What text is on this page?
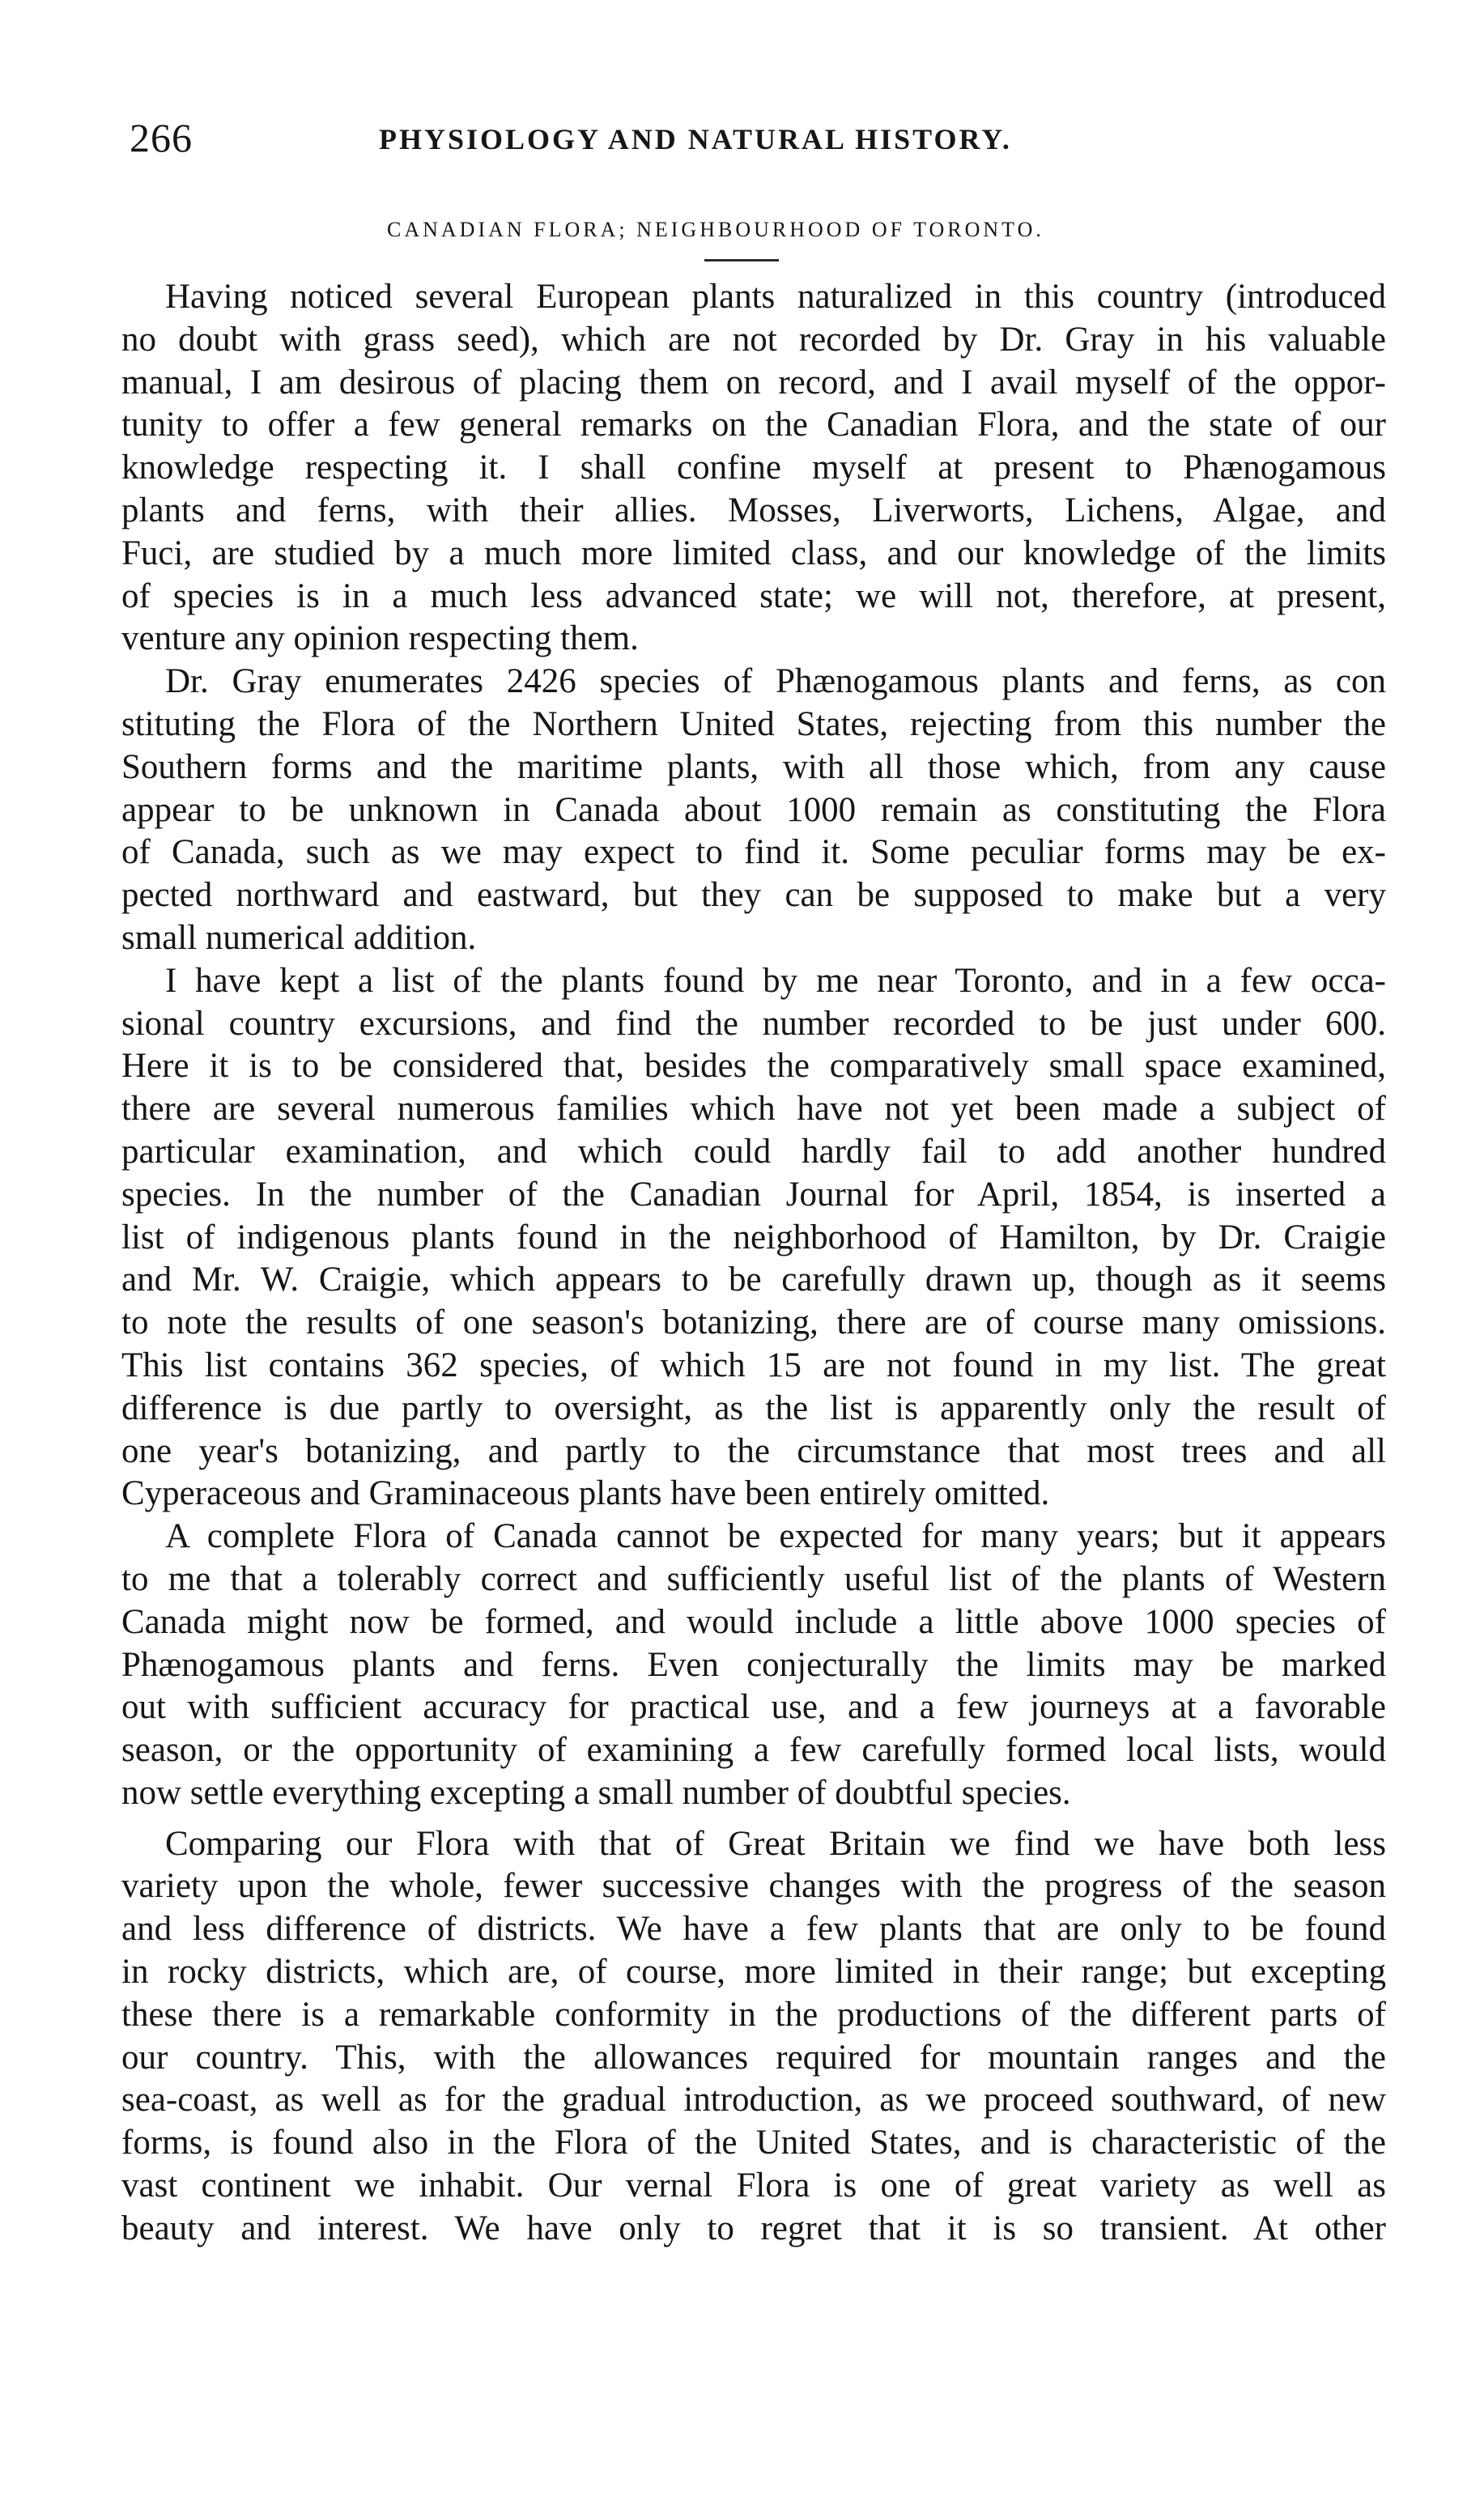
266	PHYSIOLOGY AND NATURAL HISTORY.
CANADIAN FLORA; NEIGHBOURHOOD OF TORONTO.
Having noticed several European plants naturalized in this country (introduced
no doubt with grass seed), which are not recorded by Dr. Gray in his valuable
manual, I am desirous of placing them on record, and I avail myself of the oppor-
tunity to offer a few general remarks on the Canadian Flora, and the state of our
knowledge respecting it. I shall confine myself at present to Phænogamous
plants and ferns, with their allies. Mosses, Liverworts, Lichens, Algae, and
Fuci, are studied by a much more limited class, and our knowledge of the limits
of species is in a much less advanced state; we will not, therefore, at present,
venture any opinion respecting them.
Dr. Gray enumerates 2426 species of Phænogamous plants and ferns, as con
stituting the Flora of the Northern United States, rejecting from this number the
Southern forms and the maritime plants, with all those which, from any cause
appear to be unknown in Canada about 1000 remain as constituting the Flora
of Canada, such as we may expect to find it. Some peculiar forms may be ex-
pected northward and eastward, but they can be supposed to make but a very
small numerical addition.
I have kept a list of the plants found by me near Toronto, and in a few occa-
sional country excursions, and find the number recorded to be just under 600.
Here it is to be considered that, besides the comparatively small space examined,
there are several numerous families which have not yet been made a subject of
particular examination, and which could hardly fail to add another hundred
species. In the number of the Canadian Journal for April, 1854, is inserted a
list of indigenous plants found in the neighborhood of Hamilton, by Dr. Craigie
and Mr. W. Craigie, which appears to be carefully drawn up, though as it seems
to note the results of one season's botanizing, there are of course many omissions.
This list contains 362 species, of which 15 are not found in my list. The great
difference is due partly to oversight, as the list is apparently only the result of
one year's botanizing, and partly to the circumstance that most trees and all
Cyperaceous and Graminaceous plants have been entirely omitted.
A complete Flora of Canada cannot be expected for many years; but it appears
to me that a tolerably correct and sufficiently useful list of the plants of Western
Canada might now be formed, and would include a little above 1000 species of
Phænogamous plants and ferns. Even conjecturally the limits may be marked
out with sufficient accuracy for practical use, and a few journeys at a favorable
season, or the opportunity of examining a few carefully formed local lists, would
now settle everything excepting a small number of doubtful species.
Comparing our Flora with that of Great Britain we find we have both less
variety upon the whole, fewer successive changes with the progress of the season
and less difference of districts. We have a few plants that are only to be found
in rocky districts, which are, of course, more limited in their range; but excepting
these there is a remarkable conformity in the productions of the different parts of
our country. This, with the allowances required for mountain ranges and the
sea-coast, as well as for the gradual introduction, as we proceed southward, of new
forms, is found also in the Flora of the United States, and is characteristic of the
vast continent we inhabit. Our vernal Flora is one of great variety as well as
beauty and interest. We have only to regret that it is so transient. At other
